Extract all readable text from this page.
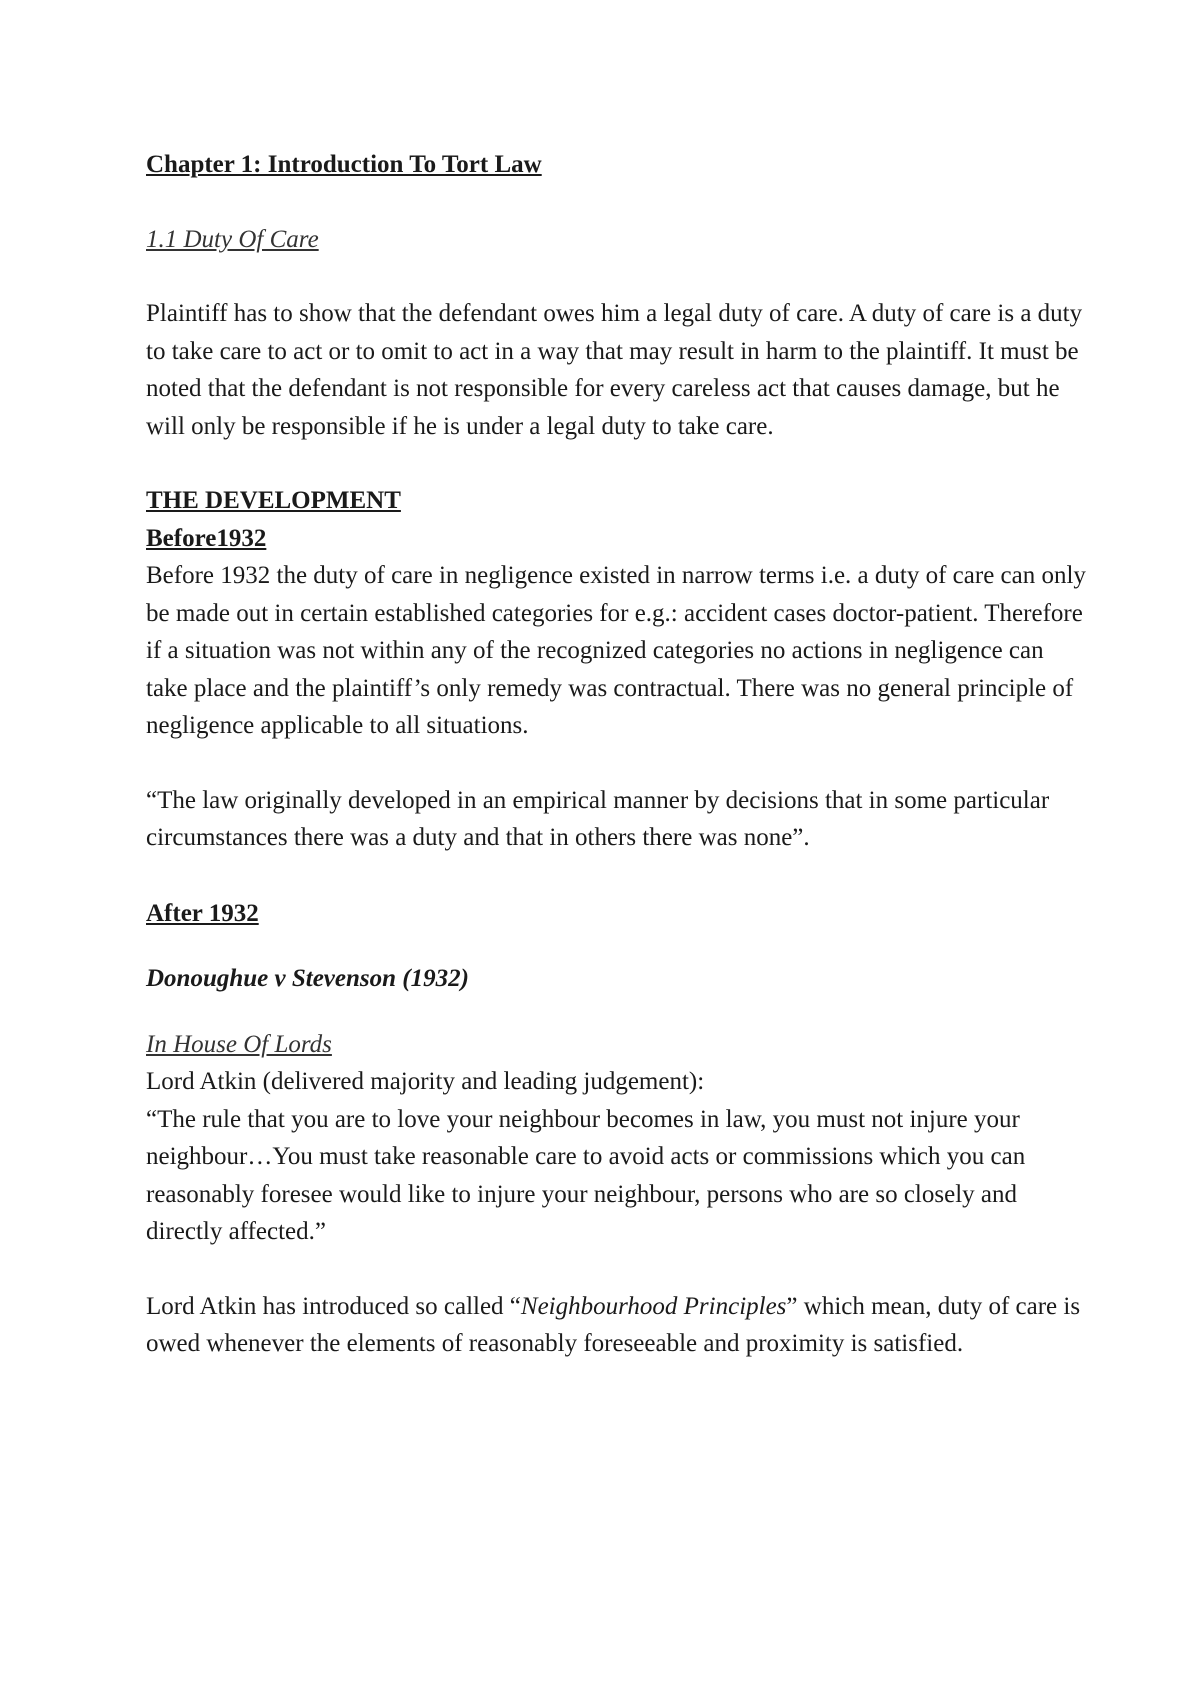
Chapter 1: Introduction To Tort Law
1.1 Duty Of Care

Plaintiff has to show that the defendant owes him a legal duty of care. A duty of care is a duty to take care to act or to omit to act in a way that may result in harm to the plaintiff. It must be noted that the defendant is not responsible for every careless act that causes damage, but he will only be responsible if he is under a legal duty to take care.

THE DEVELOPMENT

Before1932

Before 1932 the duty of care in negligence existed in narrow terms i.e. a duty of care can only be made out in certain established categories for e.g.: accident cases doctor-patient. Therefore if a situation was not within any of the recognized categories no actions in negligence can take place and the plaintiff’s only remedy was contractual. There was no general principle of negligence applicable to all situations.

“The law originally developed in an empirical manner by decisions that in some particular circumstances there was a duty and that in others there was none”.

After 1932

Donoughue v Stevenson (1932)

In House Of Lords

Lord Atkin (delivered majority and leading judgement):

“The rule that you are to love your neighbour becomes in law, you must not injure your neighbour…You must take reasonable care to avoid acts or commissions which you can reasonably foresee would like to injure your neighbour, persons who are so closely and directly affected.”

Lord Atkin has introduced so called “Neighbourhood Principles” which mean, duty of care is owed whenever the elements of reasonably foreseeable and proximity is satisfied.
